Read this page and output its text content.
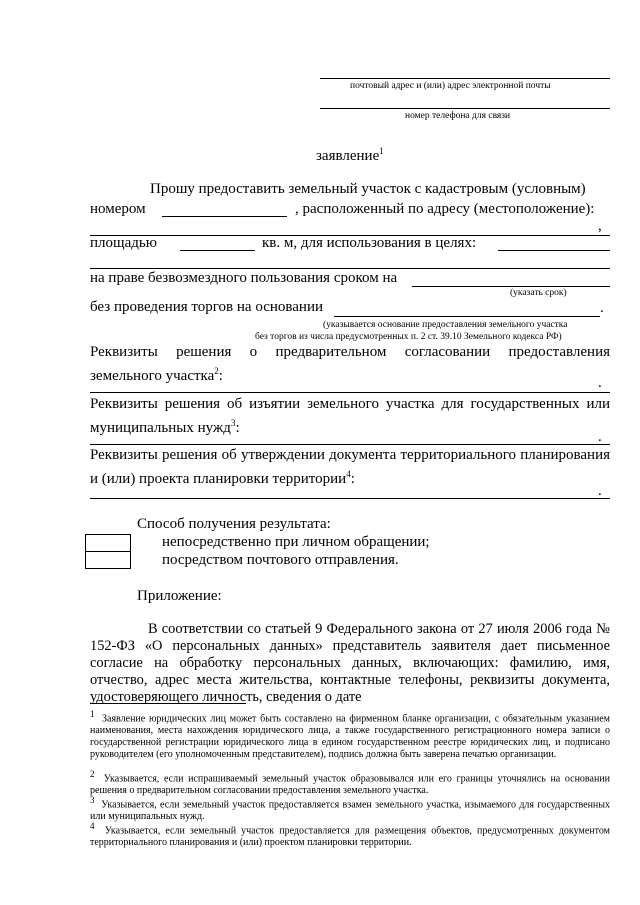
почтовый адрес и (или) адрес электронной почты
номер телефона для связи
заявление$^1$
Прошу предоставить земельный участок с кадастровым (условным)
номером	, расположенный по адресу (местоположение):
,
площадью	кв. м, для использования в целях:
на праве безвозмездного пользования сроком на
(указать срок)
без проведения торгов на основании	.
(указывается основание предоставления земельного участка
без торгов из числа предусмотренных п. 2 ст. 39.10 Земельного кодекса РФ)
Реквизиты решения о предварительном согласовании предоставления земельного участка$^2$:	.
Реквизиты решения об изъятии земельного участка для государственных или муниципальных нужд$^3$:
.
Реквизиты решения об утверждении документа территориального планирования и (или) проекта планировки территории$^4$:
.
Способ получения результата:
непосредственно при личном обращении;
посредством почтового отправления.
Приложение:
В соответствии со статьей 9 Федерального закона от 27 июля 2006 года № 152-ФЗ «О персональных данных» представитель заявителя дает письменное согласие на обработку персональных данных, включающих: фамилию, имя, отчество, адрес места жительства, контактные телефоны, реквизиты документа, удостоверяющего личность, сведения о дате
$^1$ Заявление юридических лиц может быть составлено на фирменном бланке организации, с обязательным указанием наименования, места нахождения юридического лица, а также государственного регистрационного номера записи о государственной регистрации юридического лица в едином государственном реестре юридических лиц, и подписано руководителем (его уполномоченным представителем), подпись должна быть заверена печатью организации.
$^2$ Указывается, если испрашиваемый земельный участок образовывался или его границы уточнялись на основании решения о предварительном согласовании предоставления земельного участка.
$^3$ Указывается, если земельный участок предоставляется взамен земельного участка, изымаемого для государственных или муниципальных нужд.
$^4$ Указывается, если земельный участок предоставляется для размещения объектов, предусмотренных документом территориального планирования и (или) проектом планировки территории.
